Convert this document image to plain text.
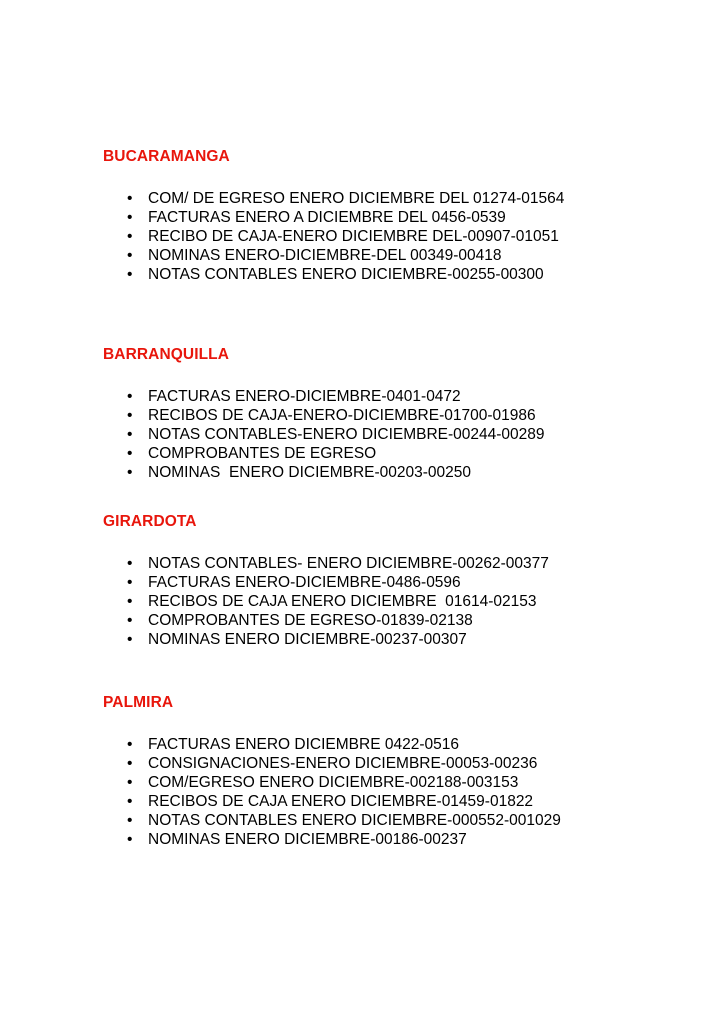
BUCARAMANGA
• COM/ DE EGRESO ENERO DICIEMBRE DEL 01274-01564
• FACTURAS ENERO A DICIEMBRE DEL 0456-0539
• RECIBO DE CAJA-ENERO DICIEMBRE DEL-00907-01051
• NOMINAS ENERO-DICIEMBRE-DEL 00349-00418
• NOTAS CONTABLES ENERO DICIEMBRE-00255-00300
BARRANQUILLA
• FACTURAS ENERO-DICIEMBRE-0401-0472
• RECIBOS DE CAJA-ENERO-DICIEMBRE-01700-01986
• NOTAS CONTABLES-ENERO DICIEMBRE-00244-00289
• COMPROBANTES DE EGRESO
• NOMINAS  ENERO DICIEMBRE-00203-00250
GIRARDOTA
• NOTAS CONTABLES- ENERO DICIEMBRE-00262-00377
• FACTURAS ENERO-DICIEMBRE-0486-0596
• RECIBOS DE CAJA ENERO DICIEMBRE  01614-02153
• COMPROBANTES DE EGRESO-01839-02138
• NOMINAS ENERO DICIEMBRE-00237-00307
PALMIRA
• FACTURAS ENERO DICIEMBRE 0422-0516
• CONSIGNACIONES-ENERO DICIEMBRE-00053-00236
• COM/EGRESO ENERO DICIEMBRE-002188-003153
• RECIBOS DE CAJA ENERO DICIEMBRE-01459-01822
• NOTAS CONTABLES ENERO DICIEMBRE-000552-001029
• NOMINAS ENERO DICIEMBRE-00186-00237
